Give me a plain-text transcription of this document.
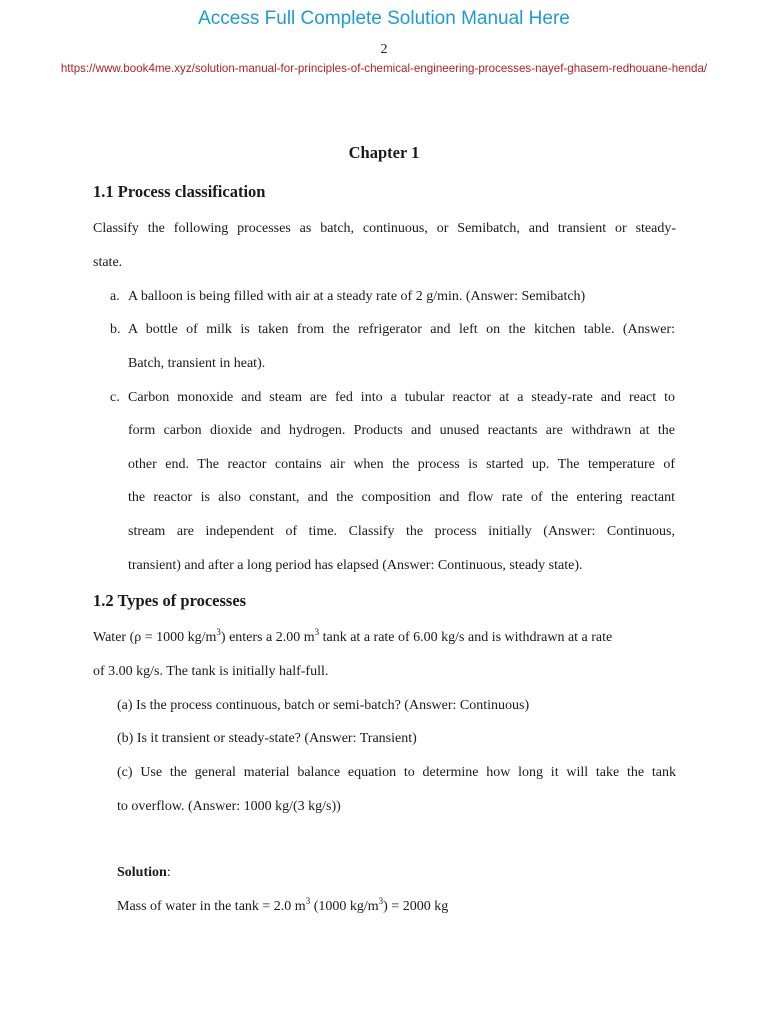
Access Full Complete Solution Manual Here
2
https://www.book4me.xyz/solution-manual-for-principles-of-chemical-engineering-processes-nayef-ghasem-redhouane-henda/
Chapter 1
1.1 Process classification
Classify the following processes as batch, continuous, or Semibatch, and transient or steady-
state.
a. A balloon is being filled with air at a steady rate of 2 g/min. (Answer: Semibatch)
b. A bottle of milk is taken from the refrigerator and left on the kitchen table. (Answer:
Batch, transient in heat).
c. Carbon monoxide and steam are fed into a tubular reactor at a steady-rate and react to
form carbon dioxide and hydrogen. Products and unused reactants are withdrawn at the
other end. The reactor contains air when the process is started up. The temperature of
the reactor is also constant, and the composition and flow rate of the entering reactant
stream are independent of time. Classify the process initially (Answer: Continuous,
transient) and after a long period has elapsed (Answer: Continuous, steady state).
1.2 Types of processes
Water (ρ = 1000 $kg/m^3$) enters a 2.00 $m^3$ tank at a rate of 6.00 kg/s and is withdrawn at a rate
of 3.00 kg/s. The tank is initially half-full.
(a) Is the process continuous, batch or semi-batch? (Answer: Continuous)
(b) Is it transient or steady-state? (Answer: Transient)
(c) Use the general material balance equation to determine how long it will take the tank
to overflow. (Answer: 1000 kg/(3 kg/s))
Solution:
Mass of water in the tank = 2.0 $m^3$ (1000 $kg/m^3) = 2000$ kg
